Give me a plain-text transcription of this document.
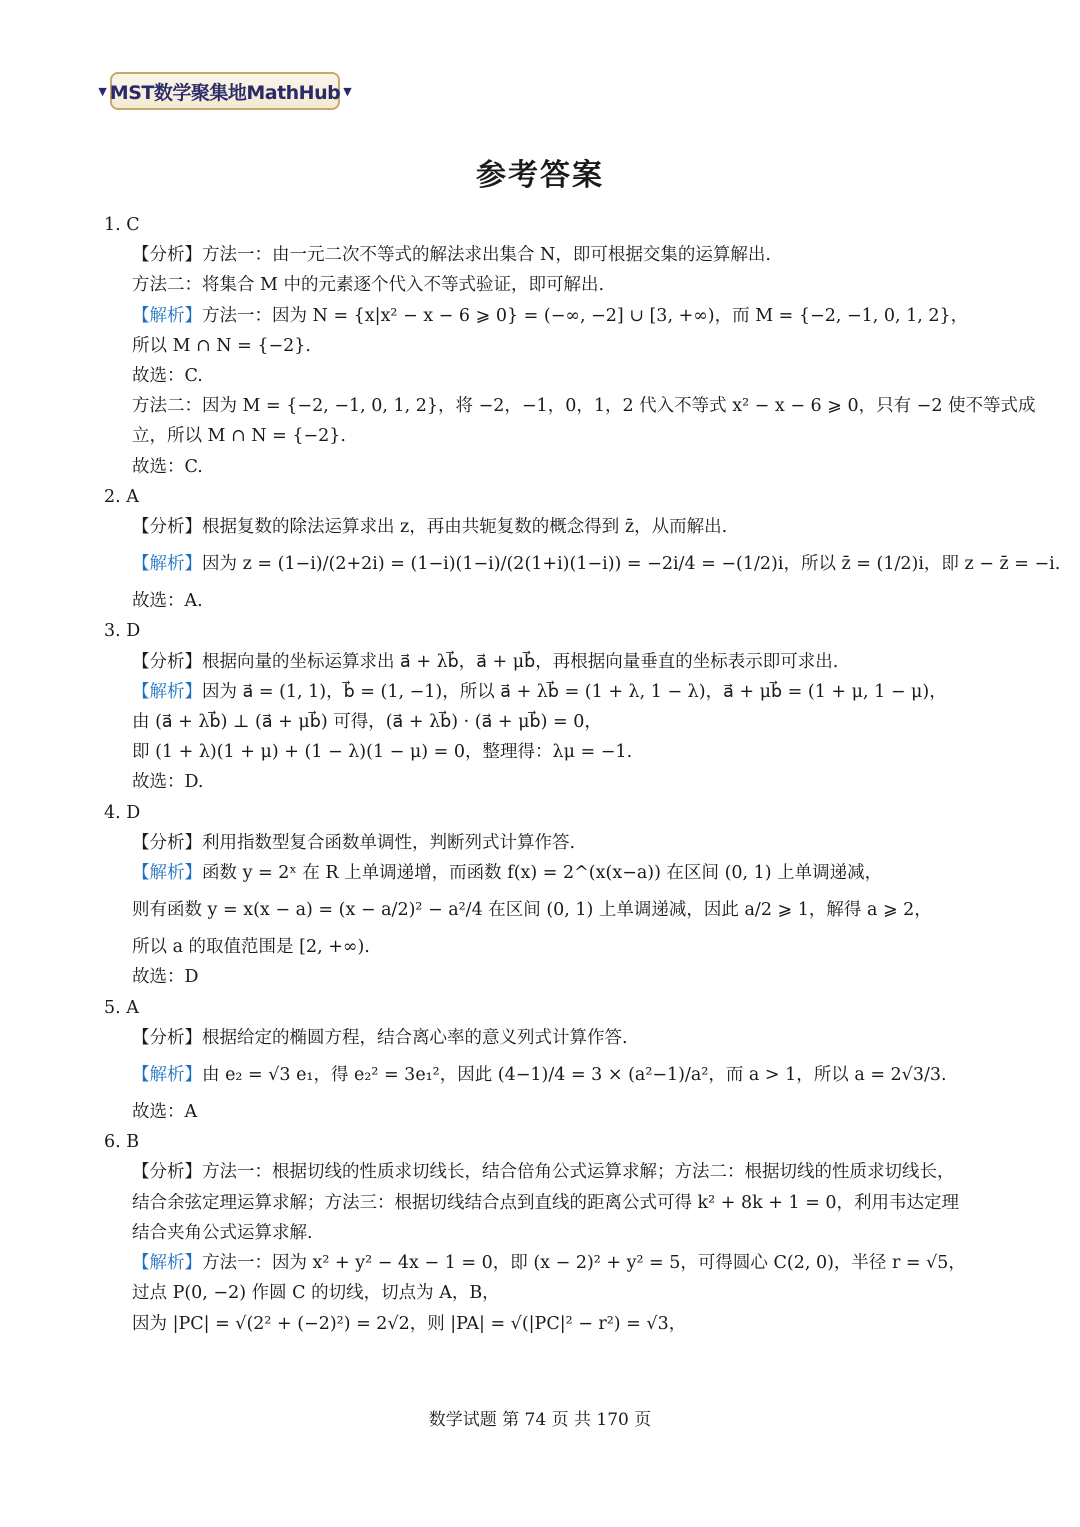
▼ MST数学聚集地MathHub ▼
参考答案
1. C
【分析】方法一：由一元二次不等式的解法求出集合 N，即可根据交集的运算解出.
方法二：将集合 M 中的元素逐个代入不等式验证，即可解出.
【解析】方法一：因为 N = {x|x² − x − 6 ⩾ 0} = (−∞, −2] ∪ [3, +∞)，而 M = {−2, −1, 0, 1, 2}，
所以 M ∩ N = {−2}.
故选：C.
方法二：因为 M = {−2, −1, 0, 1, 2}，将 −2，−1，0，1，2 代入不等式 x² − x − 6 ⩾ 0，只有 −2 使不等式成
立，所以 M ∩ N = {−2}.
故选：C.
2. A
【分析】根据复数的除法运算求出 z，再由共轭复数的概念得到 z̄，从而解出.
【解析】因为 z = (1−i)/(2+2i) = (1−i)(1−i)/(2(1+i)(1−i)) = −2i/4 = −(1/2)i，所以 z̄ = (1/2)i，即 z − z̄ = −i.
故选：A.
3. D
【分析】根据向量的坐标运算求出 a⃗ + λb⃗，a⃗ + μb⃗，再根据向量垂直的坐标表示即可求出.
【解析】因为 a⃗ = (1, 1)，b⃗ = (1, −1)，所以 a⃗ + λb⃗ = (1 + λ, 1 − λ)，a⃗ + μb⃗ = (1 + μ, 1 − μ)，
由 (a⃗ + λb⃗) ⊥ (a⃗ + μb⃗) 可得，(a⃗ + λb⃗) · (a⃗ + μb⃗) = 0，
即 (1 + λ)(1 + μ) + (1 − λ)(1 − μ) = 0，整理得：λμ = −1.
故选：D.
4. D
【分析】利用指数型复合函数单调性，判断列式计算作答.
【解析】函数 y = 2ˣ 在 R 上单调递增，而函数 f(x) = 2^(x(x−a)) 在区间 (0, 1) 上单调递减，
则有函数 y = x(x − a) = (x − a/2)² − a²/4 在区间 (0, 1) 上单调递减，因此 a/2 ⩾ 1，解得 a ⩾ 2，
所以 a 的取值范围是 [2, +∞).
故选：D
5. A
【分析】根据给定的椭圆方程，结合离心率的意义列式计算作答.
【解析】由 e₂ = √3 e₁，得 e₂² = 3e₁²，因此 (4−1)/4 = 3 × (a²−1)/a²，而 a > 1，所以 a = 2√3/3.
故选：A
6. B
【分析】方法一：根据切线的性质求切线长，结合倍角公式运算求解；方法二：根据切线的性质求切线长，
结合余弦定理运算求解；方法三：根据切线结合点到直线的距离公式可得 k² + 8k + 1 = 0，利用韦达定理
结合夹角公式运算求解.
【解析】方法一：因为 x² + y² − 4x − 1 = 0，即 (x − 2)² + y² = 5，可得圆心 C(2, 0)，半径 r = √5，
过点 P(0, −2) 作圆 C 的切线，切点为 A，B，
因为 |PC| = √(2² + (−2)²) = 2√2，则 |PA| = √(|PC|² − r²) = √3，
数学试题 第 74 页 共 170 页
